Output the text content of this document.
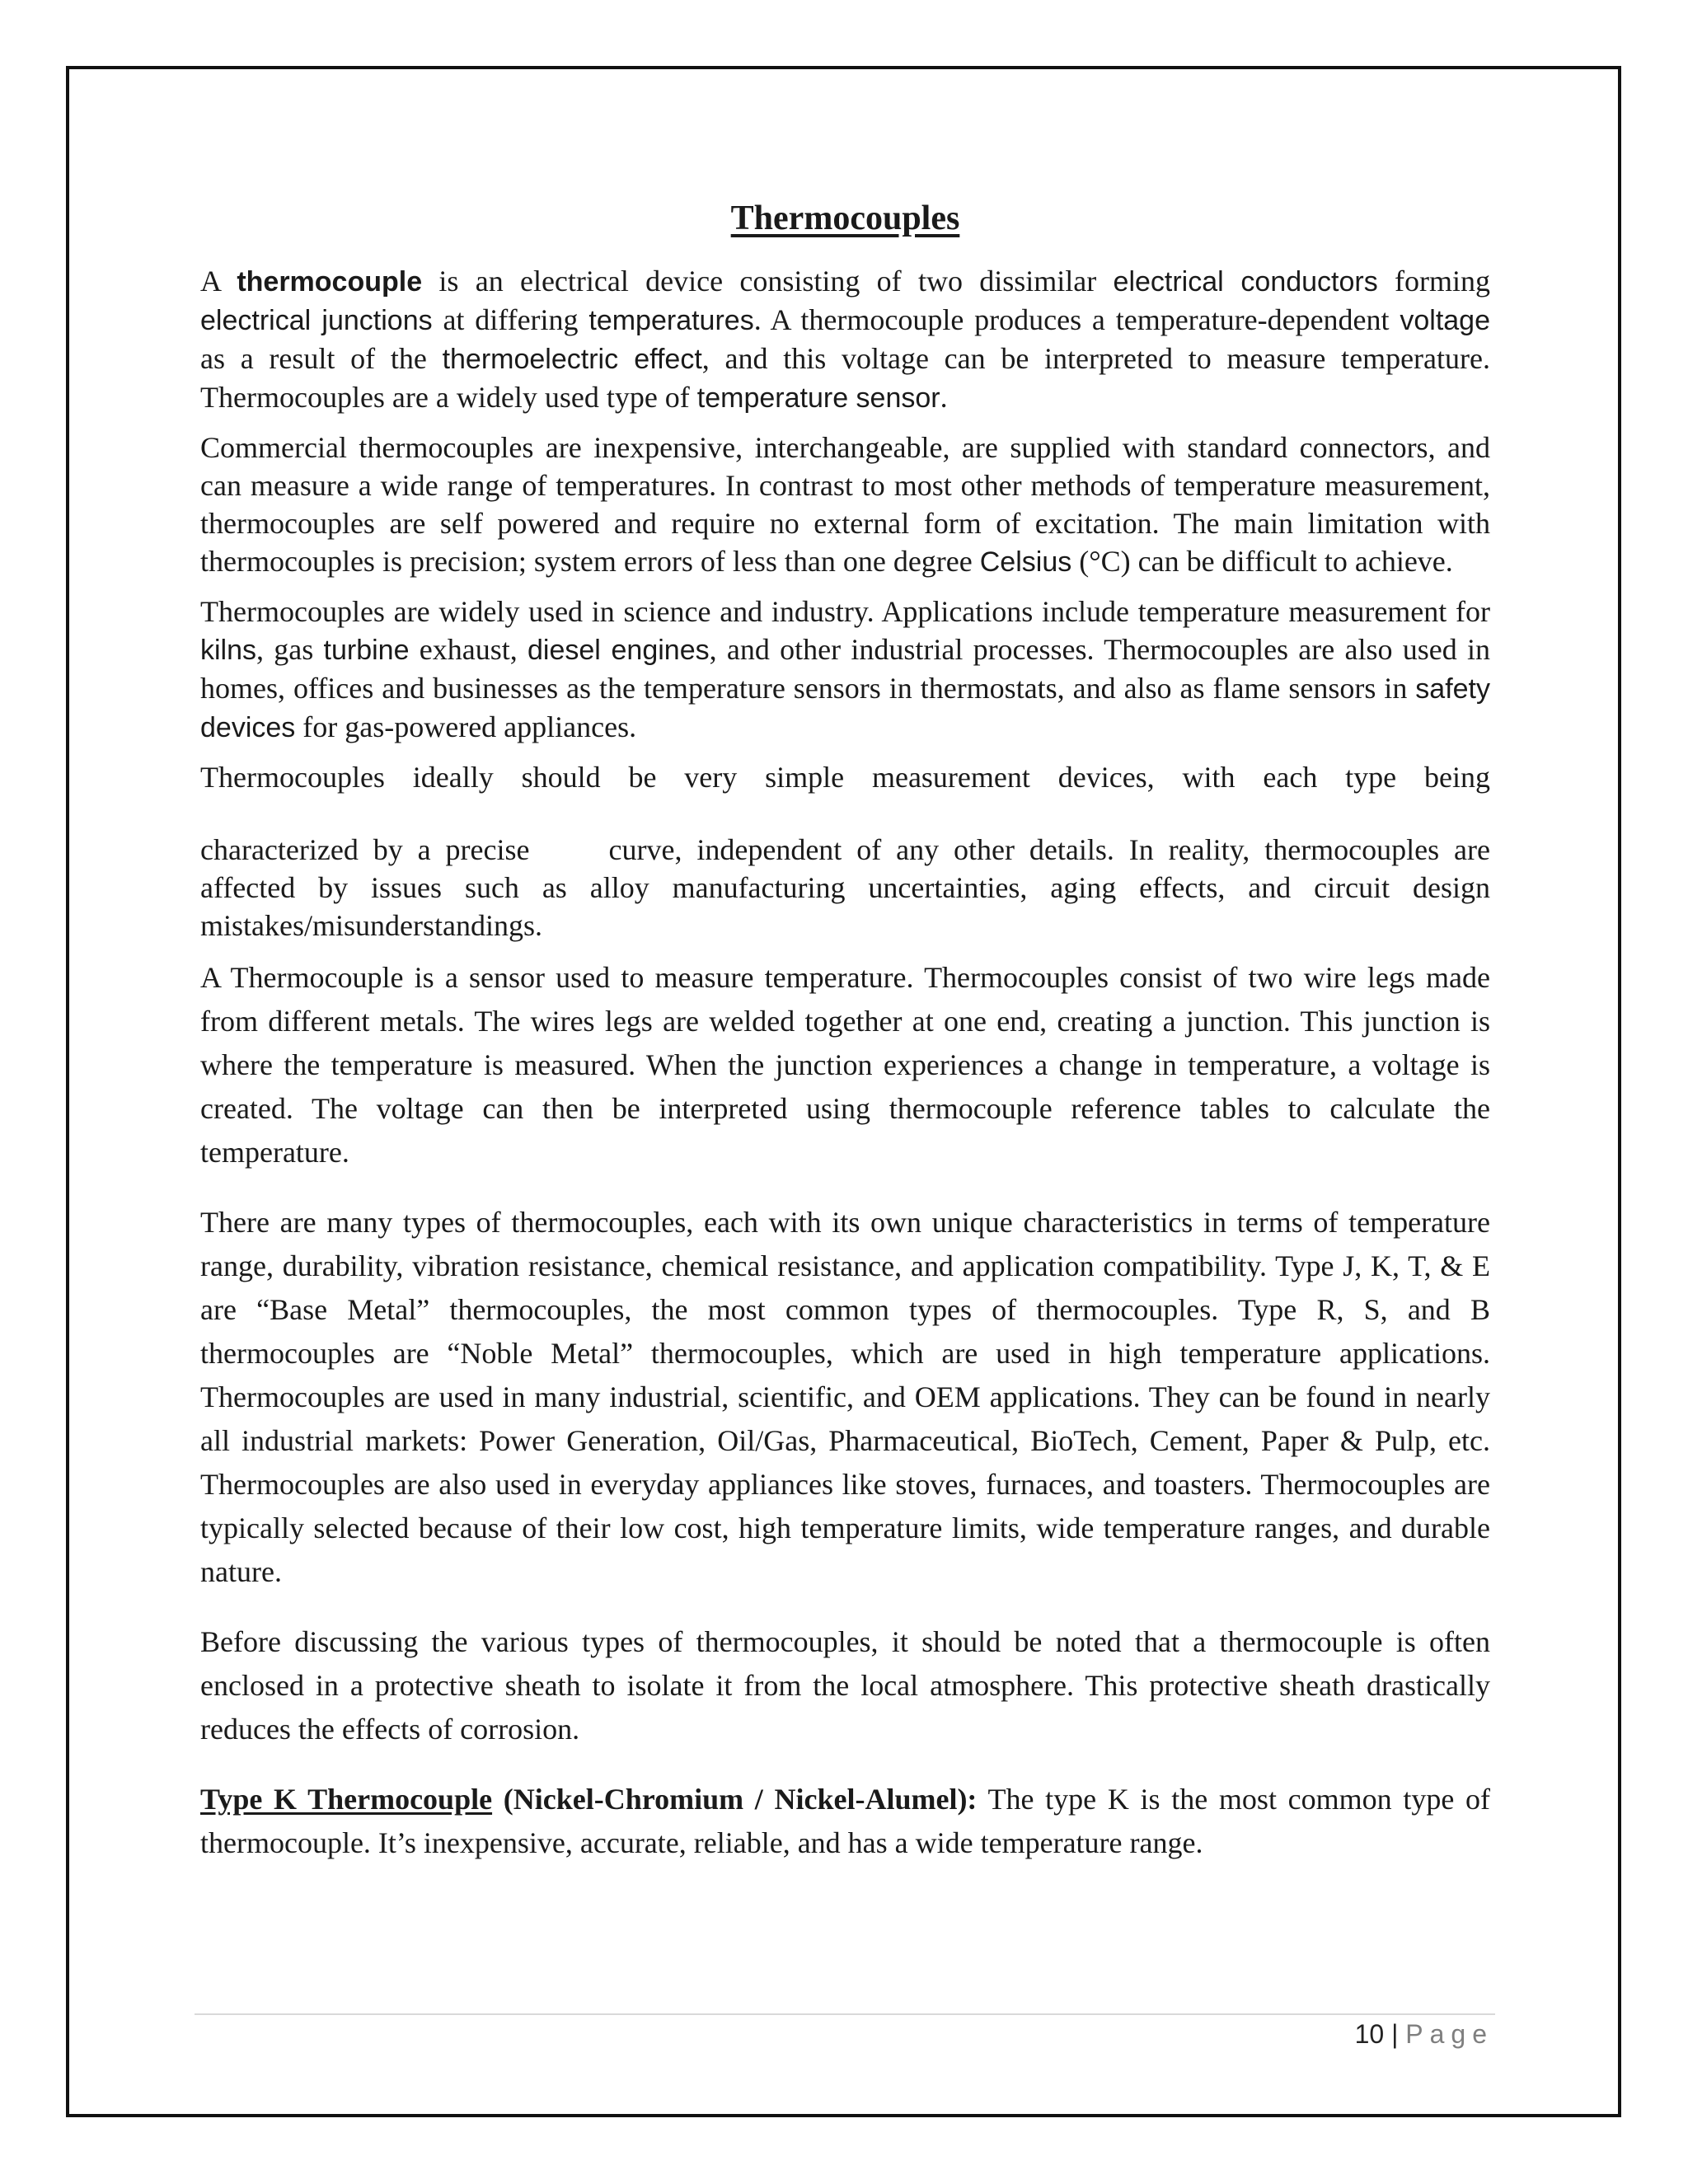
Thermocouples

A thermocouple is an electrical device consisting of two dissimilar electrical conductors forming electrical junctions at differing temperatures. A thermocouple produces a temperature-dependent voltage as a result of the thermoelectric effect, and this voltage can be interpreted to measure temperature. Thermocouples are a widely used type of temperature sensor.

Commercial thermocouples are inexpensive, interchangeable, are supplied with standard connectors, and can measure a wide range of temperatures. In contrast to most other methods of temperature measurement, thermocouples are self powered and require no external form of excitation. The main limitation with thermocouples is precision; system errors of less than one degree Celsius (°C) can be difficult to achieve.

Thermocouples are widely used in science and industry. Applications include temperature measurement for kilns, gas turbine exhaust, diesel engines, and other industrial processes. Thermocouples are also used in homes, offices and businesses as the temperature sensors in thermostats, and also as flame sensors in safety devices for gas-powered appliances.

Thermocouples ideally should be very simple measurement devices, with each type being

characterized by a precise	curve, independent of any other details. In reality, thermocouples are affected by issues such as alloy manufacturing uncertainties, aging effects, and circuit design mistakes/misunderstandings.

A Thermocouple is a sensor used to measure temperature. Thermocouples consist of two wire legs made from different metals. The wires legs are welded together at one end, creating a junction. This junction is where the temperature is measured. When the junction experiences a change in temperature, a voltage is created. The voltage can then be interpreted using thermocouple reference tables to calculate the temperature.

There are many types of thermocouples, each with its own unique characteristics in terms of temperature range, durability, vibration resistance, chemical resistance, and application compatibility. Type J, K, T, & E are “Base Metal” thermocouples, the most common types of thermocouples. Type R, S, and B thermocouples are “Noble Metal” thermocouples, which are used in high temperature applications. Thermocouples are used in many industrial, scientific, and OEM applications. They can be found in nearly all industrial markets: Power Generation, Oil/Gas, Pharmaceutical, BioTech, Cement, Paper & Pulp, etc. Thermocouples are also used in everyday appliances like stoves, furnaces, and toasters. Thermocouples are typically selected because of their low cost, high temperature limits, wide temperature ranges, and durable nature.

Before discussing the various types of thermocouples, it should be noted that a thermocouple is often enclosed in a protective sheath to isolate it from the local atmosphere. This protective sheath drastically reduces the effects of corrosion.

Type K Thermocouple (Nickel-Chromium / Nickel-Alumel): The type K is the most common type of thermocouple. It’s inexpensive, accurate, reliable, and has a wide temperature range.

10 | Page
